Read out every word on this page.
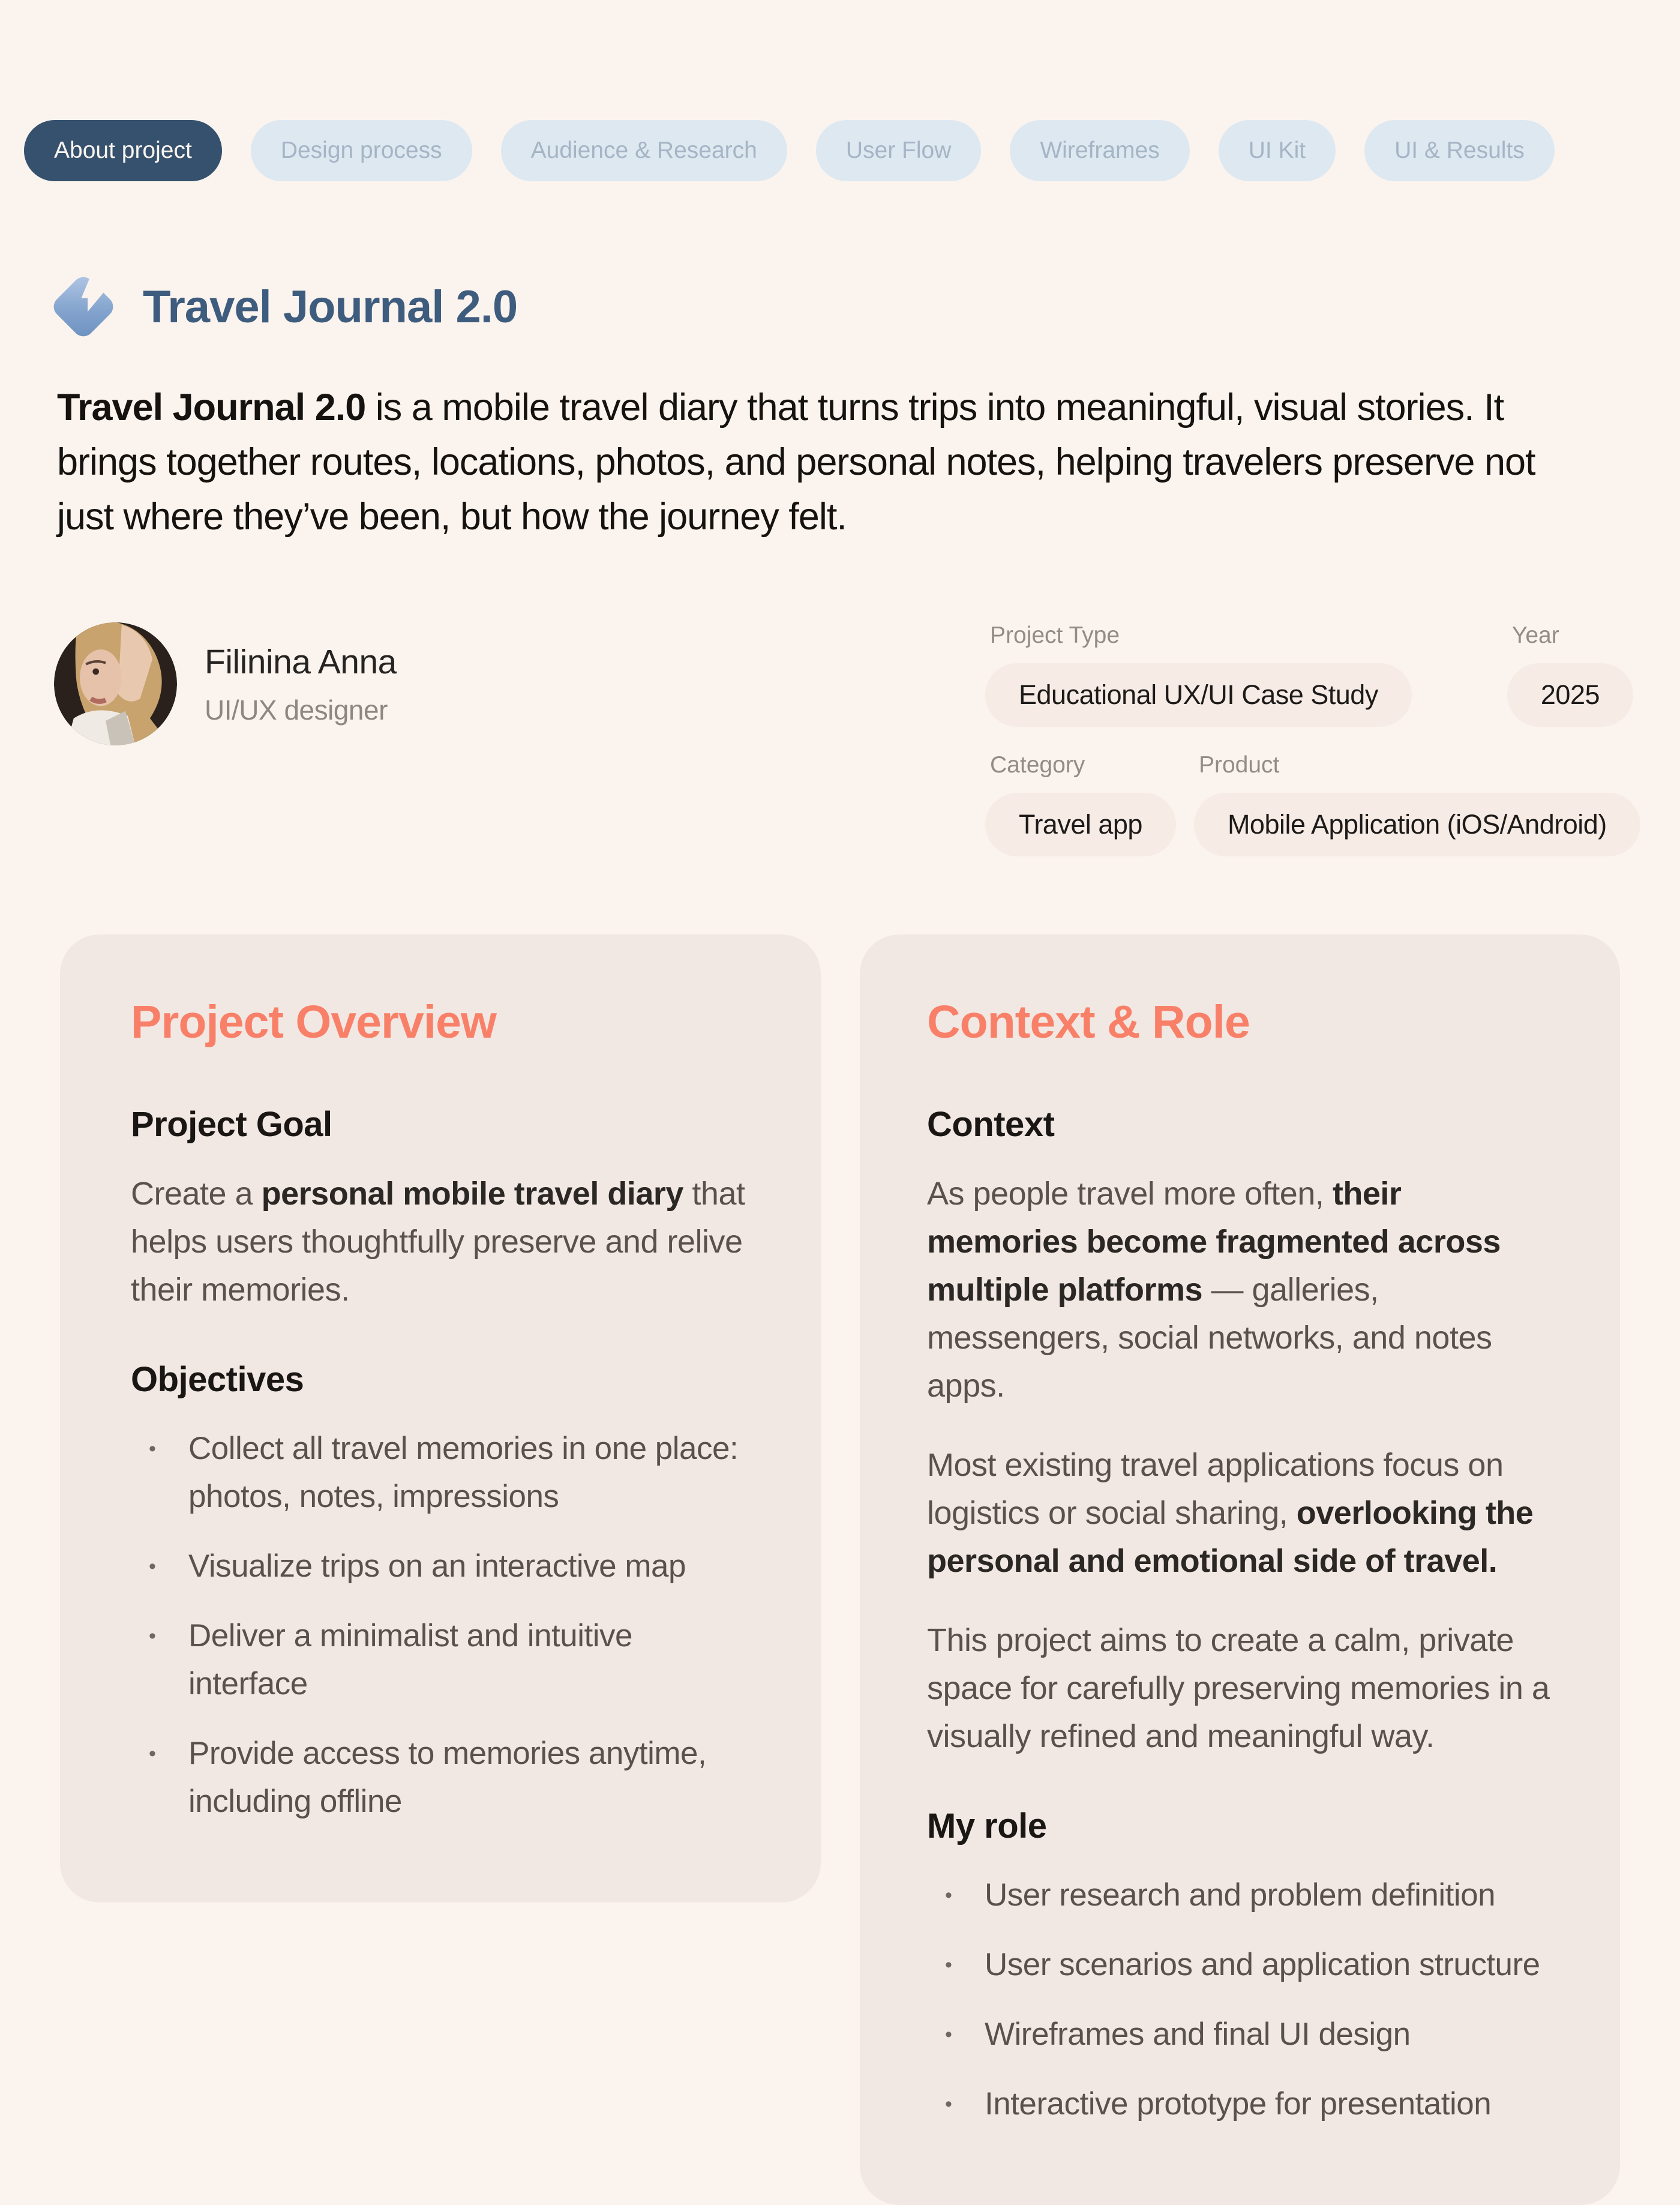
About project	Design process	Audience & Research	User Flow	Wireframes	UI Kit	UI & Results
Travel Journal 2.0

Travel Journal 2.0 is a mobile travel diary that turns trips into meaningful, visual stories. It brings together routes, locations, photos, and personal notes, helping travelers preserve not just where they’ve been, but how the journey felt.

Filinina Anna
UI/UX designer
Project Type
Educational UX/UI Case Study
Year
2025
Category
Travel app
Product
Mobile Application (iOS/Android)
Project Overview
Project Goal

Create a personal mobile travel diary that helps users thoughtfully preserve and relive their memories.

Objectives
• Collect all travel memories in one place: photos, notes, impressions
• Visualize trips on an interactive map
• Deliver a minimalist and intuitive interface
• Provide access to memories anytime, including offline
Context & Role
Context

As people travel more often, their memories become fragmented across multiple platforms — galleries, messengers, social networks, and notes apps.

Most existing travel applications focus on logistics or social sharing, overlooking the personal and emotional side of travel.

This project aims to create a calm, private space for carefully preserving memories in a visually refined and meaningful way.

My role
• User research and problem definition
• User scenarios and application structure
• Wireframes and final UI design
• Interactive prototype for presentation
